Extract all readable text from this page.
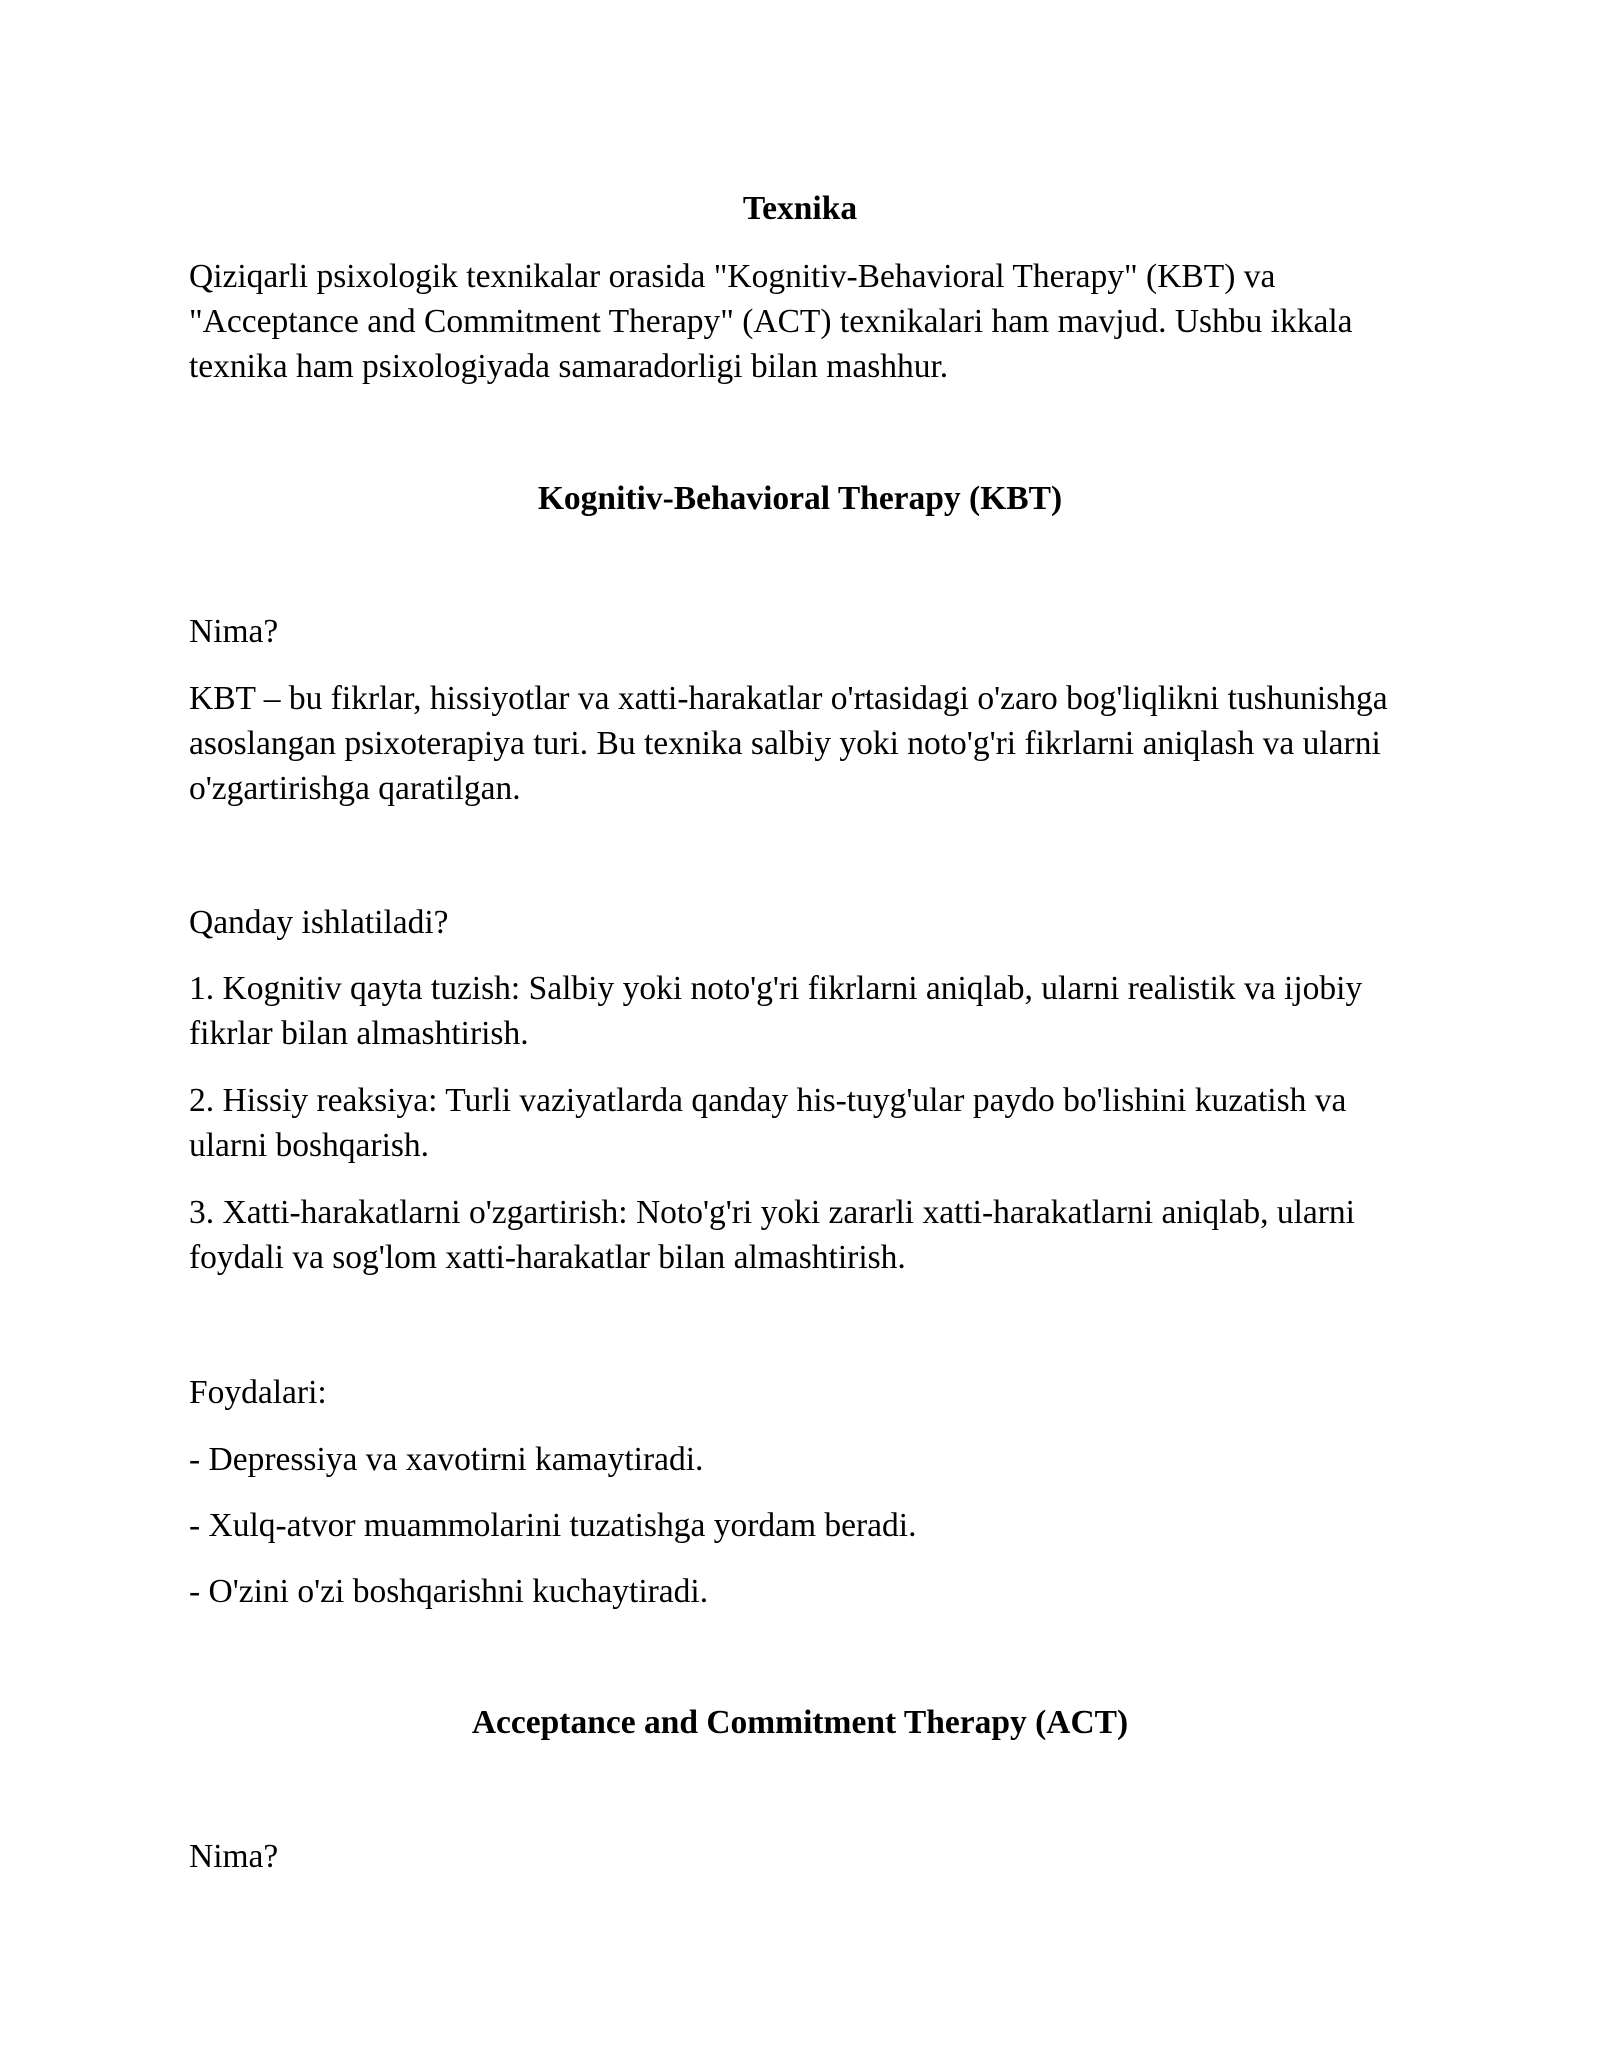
Texnika

Qiziqarli psixologik texnikalar orasida "Kognitiv-Behavioral Therapy" (KBT) va "Acceptance and Commitment Therapy" (ACT) texnikalari ham mavjud. Ushbu ikkala texnika ham psixologiyada samaradorligi bilan mashhur.

Kognitiv-Behavioral Therapy (KBT)

Nima?

KBT – bu fikrlar, hissiyotlar va xatti-harakatlar o'rtasidagi o'zaro bog'liqlikni tushunishga asoslangan psixoterapiya turi. Bu texnika salbiy yoki noto'g'ri fikrlarni aniqlash va ularni o'zgartirishga qaratilgan.

Qanday ishlatiladi?

1. Kognitiv qayta tuzish: Salbiy yoki noto'g'ri fikrlarni aniqlab, ularni realistik va ijobiy fikrlar bilan almashtirish.

2. Hissiy reaksiya: Turli vaziyatlarda qanday his-tuyg'ular paydo bo'lishini kuzatish va ularni boshqarish.

3. Xatti-harakatlarni o'zgartirish: Noto'g'ri yoki zararli xatti-harakatlarni aniqlab, ularni foydali va sog'lom xatti-harakatlar bilan almashtirish.

Foydalari:

- Depressiya va xavotirni kamaytiradi.

- Xulq-atvor muammolarini tuzatishga yordam beradi.

- O'zini o'zi boshqarishni kuchaytiradi.

Acceptance and Commitment Therapy (ACT)

Nima?
